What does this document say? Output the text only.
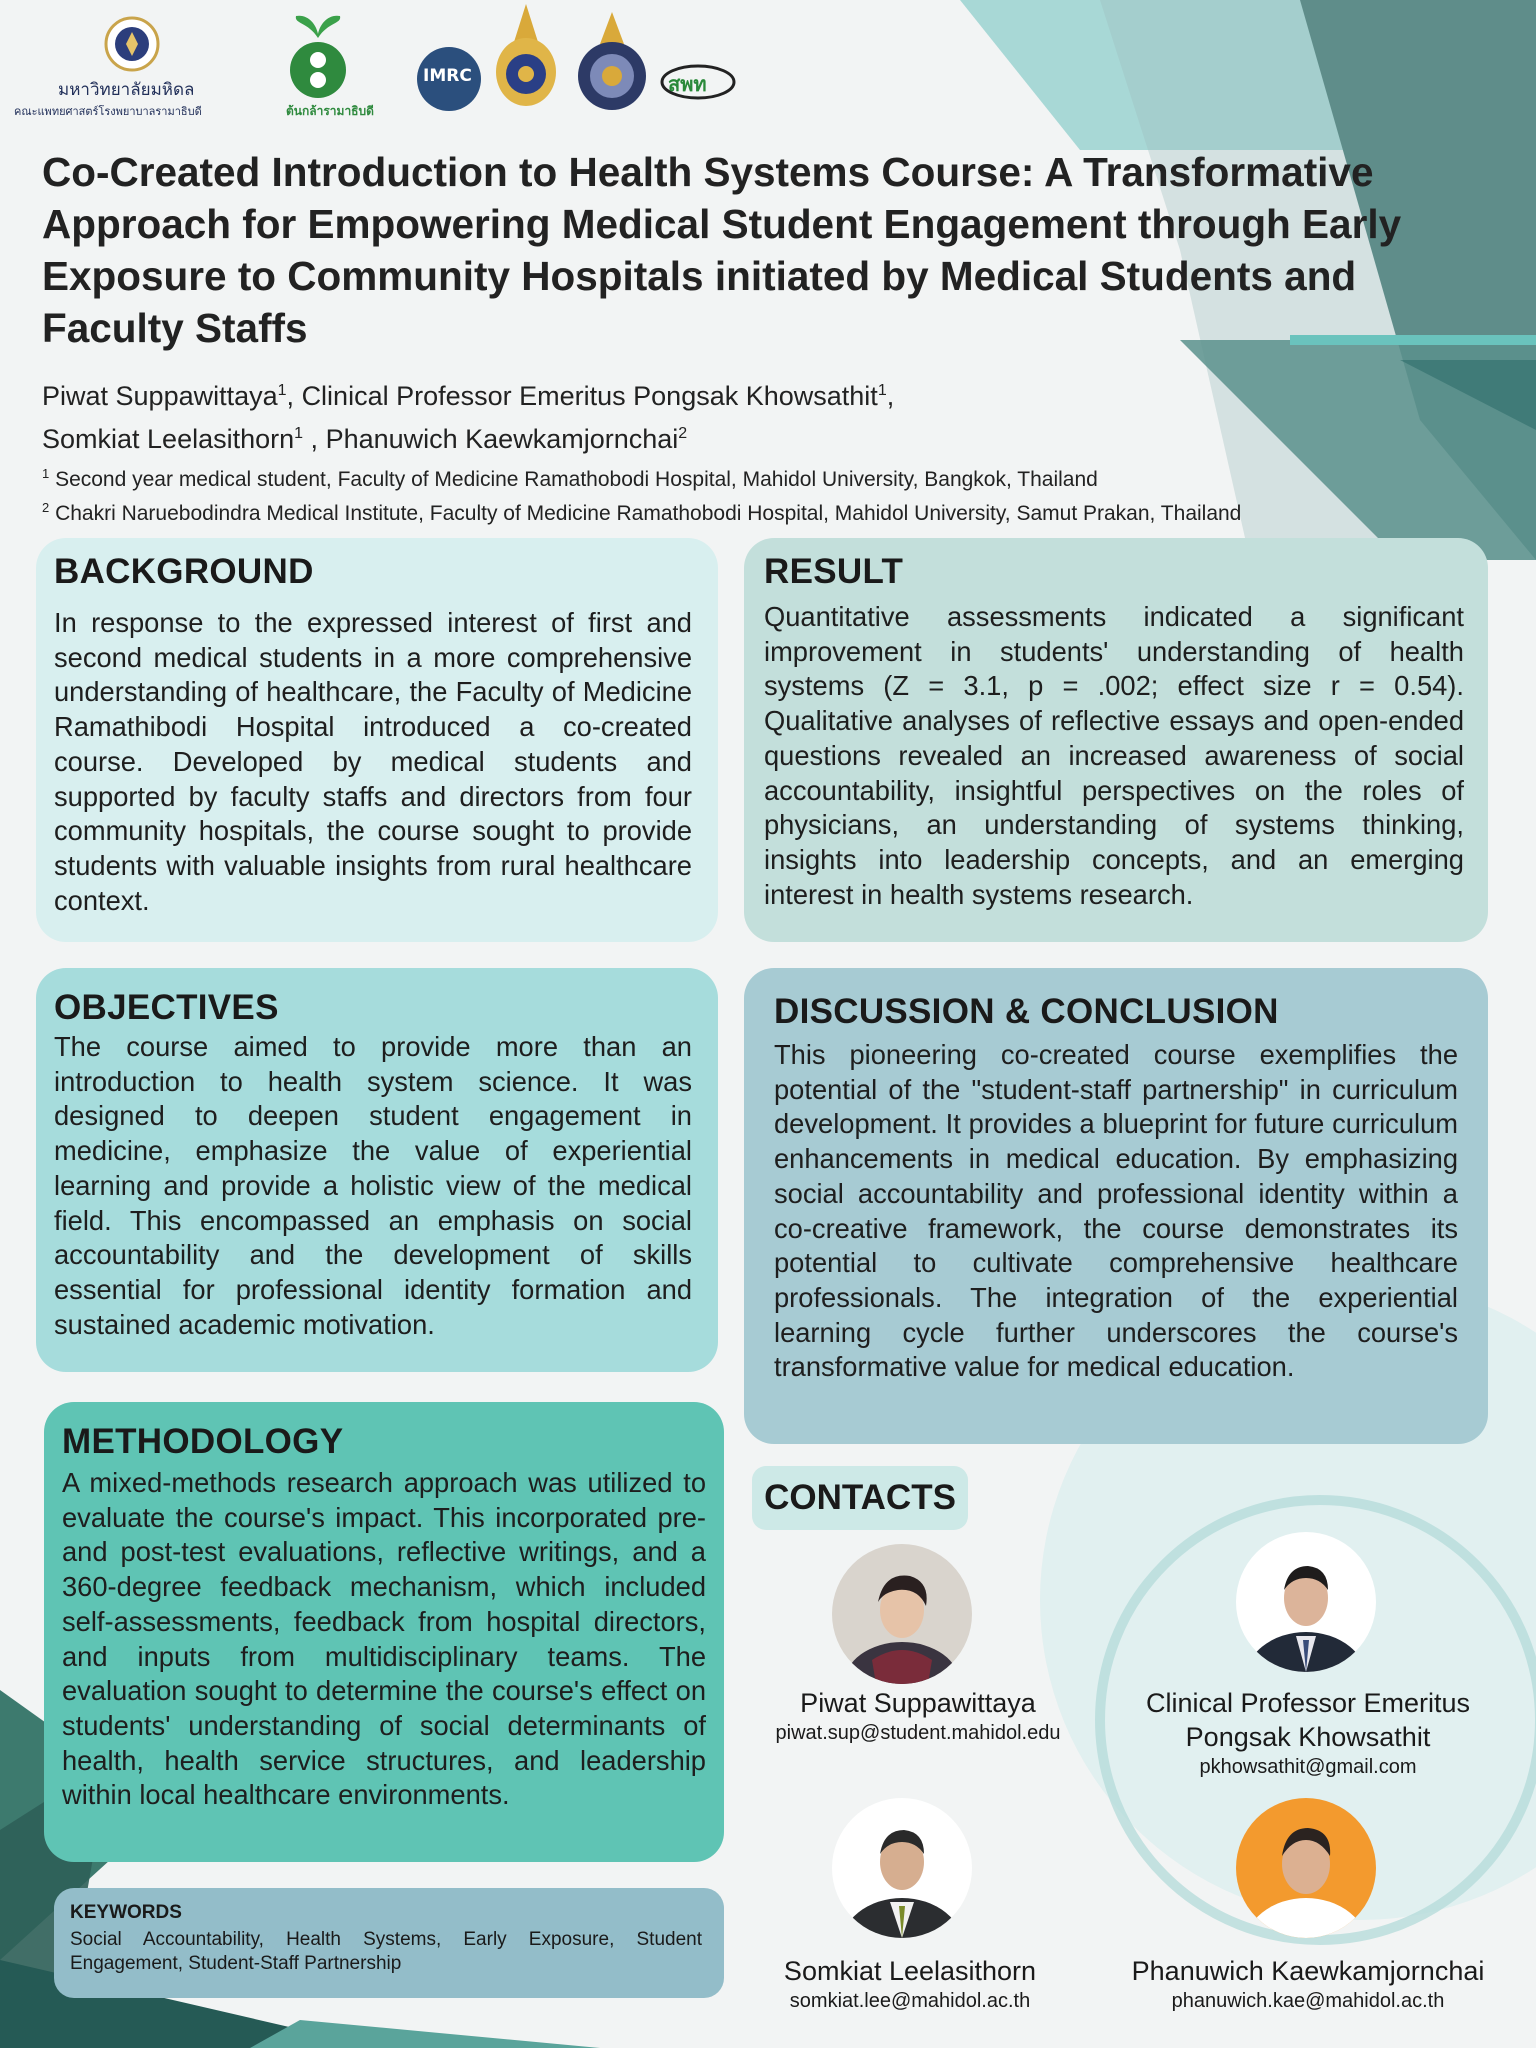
มหาวิทยาลัยมหิดล
คณะแพทยศาสตร์โรงพยาบาลรามาธิบดี	ต้นกล้ารามาธิบดี
IMRC	สพท
Co-Created Introduction to Health Systems Course: A Transformative Approach for Empowering Medical Student Engagement through Early Exposure to Community Hospitals initiated by Medical Students and Faculty Staffs
Piwat Suppawittaya$^1$, Clinical Professor Emeritus Pongsak Khowsathit$^1$,
Somkiat Leelasithorn$^1$ , Phanuwich Kaewkamjornchai$^2$
$^1$ Second year medical student, Faculty of Medicine Ramathobodi Hospital, Mahidol University, Bangkok, Thailand
$^2$ Chakri Naruebodindra Medical Institute, Faculty of Medicine Ramathobodi Hospital, Mahidol University, Samut Prakan, Thailand
BACKGROUND

In response to the expressed interest of first and second medical students in a more comprehensive understanding of healthcare, the Faculty of Medicine Ramathibodi Hospital introduced a co-created course. Developed by medical students and supported by faculty staffs and directors from four community hospitals, the course sought to provide students with valuable insights from rural healthcare context.

RESULT

Quantitative assessments indicated a significant improvement in students' understanding of health systems (Z = 3.1, p = .002; effect size r = 0.54). Qualitative analyses of reflective essays and open-ended questions revealed an increased awareness of social accountability, insightful perspectives on the roles of physicians, an understanding of systems thinking, insights into leadership concepts, and an emerging interest in health systems research.

OBJECTIVES

The course aimed to provide more than an introduction to health system science. It was designed to deepen student engagement in medicine, emphasize the value of experiential learning and provide a holistic view of the medical field. This encompassed an emphasis on social accountability and the development of skills essential for professional identity formation and sustained academic motivation.

DISCUSSION & CONCLUSION

This pioneering co-created course exemplifies the potential of the "student-staff partnership" in curriculum development. It provides a blueprint for future curriculum enhancements in medical education. By emphasizing social accountability and professional identity within a co-creative framework, the course demonstrates its potential to cultivate comprehensive healthcare professionals. The integration of the experiential learning cycle further underscores the course's transformative value for medical education.

METHODOLOGY

A mixed-methods research approach was utilized to evaluate the course's impact. This incorporated pre- and post-test evaluations, reflective writings, and a 360-degree feedback mechanism, which included self-assessments, feedback from hospital directors, and inputs from multidisciplinary teams. The evaluation sought to determine the course's effect on students' understanding of social determinants of health, health service structures, and leadership within local healthcare environments.

KEYWORDS
Social Accountability, Health Systems, Early Exposure, Student Engagement, Student-Staff Partnership
CONTACTS
Piwat Suppawittaya
piwat.sup@student.mahidol.edu
Clinical Professor Emeritus
Pongsak Khowsathit
pkhowsathit@gmail.com
Somkiat Leelasithorn
somkiat.lee@mahidol.ac.th
Phanuwich Kaewkamjornchai
phanuwich.kae@mahidol.ac.th
